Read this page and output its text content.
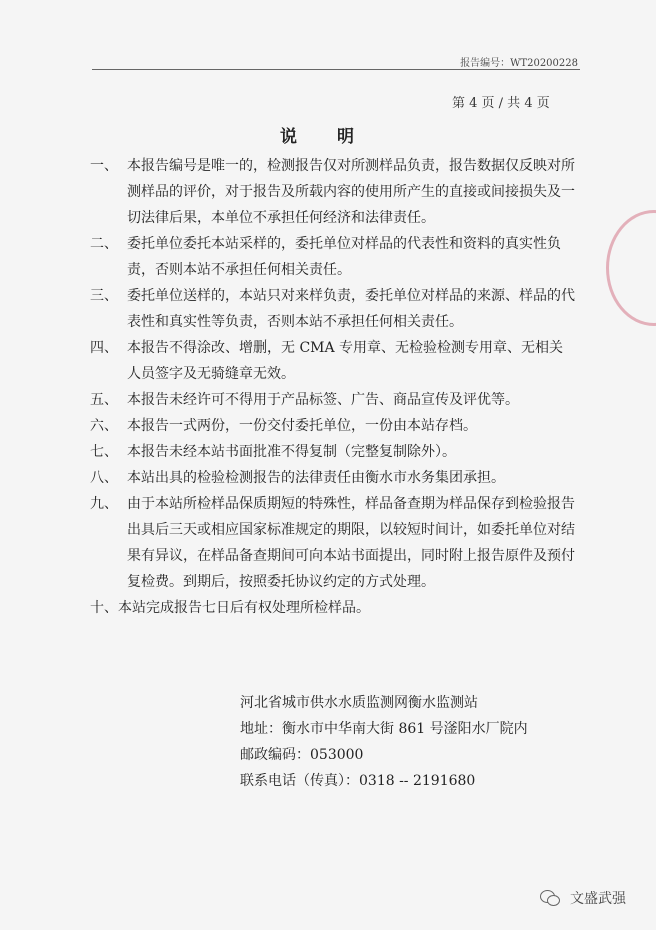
报告编号：WT20200228
第 4 页 / 共 4 页
说明
一、 本报告编号是唯一的，检测报告仅对所测样品负责，报告数据仅反映对所测样品的评价，对于报告及所载内容的使用所产生的直接或间接损失及一切法律后果，本单位不承担任何经济和法律责任。
二、 委托单位委托本站采样的，委托单位对样品的代表性和资料的真实性负责，否则本站不承担任何相关责任。
三、 委托单位送样的，本站只对来样负责，委托单位对样品的来源、样品的代表性和真实性等负责，否则本站不承担任何相关责任。
四、 本报告不得涂改、增删，无 CMA 专用章、无检验检测专用章、无相关人员签字及无骑缝章无效。
五、 本报告未经许可不得用于产品标签、广告、商品宣传及评优等。
六、 本报告一式两份，一份交付委托单位，一份由本站存档。
七、 本报告未经本站书面批准不得复制（完整复制除外）。
八、 本站出具的检验检测报告的法律责任由衡水市水务集团承担。
九、 由于本站所检样品保质期短的特殊性，样品备查期为样品保存到检验报告出具后三天或相应国家标准规定的期限，以较短时间计，如委托单位对结果有异议，在样品备查期间可向本站书面提出，同时附上报告原件及预付复检费。到期后，按照委托协议约定的方式处理。
十、 本站完成报告七日后有权处理所检样品。
河北省城市供水水质监测网衡水监测站
地址：衡水市中华南大街 861 号滏阳水厂院内
邮政编码：053000
联系电话（传真）：0318 -- 2191680
文盛武强
